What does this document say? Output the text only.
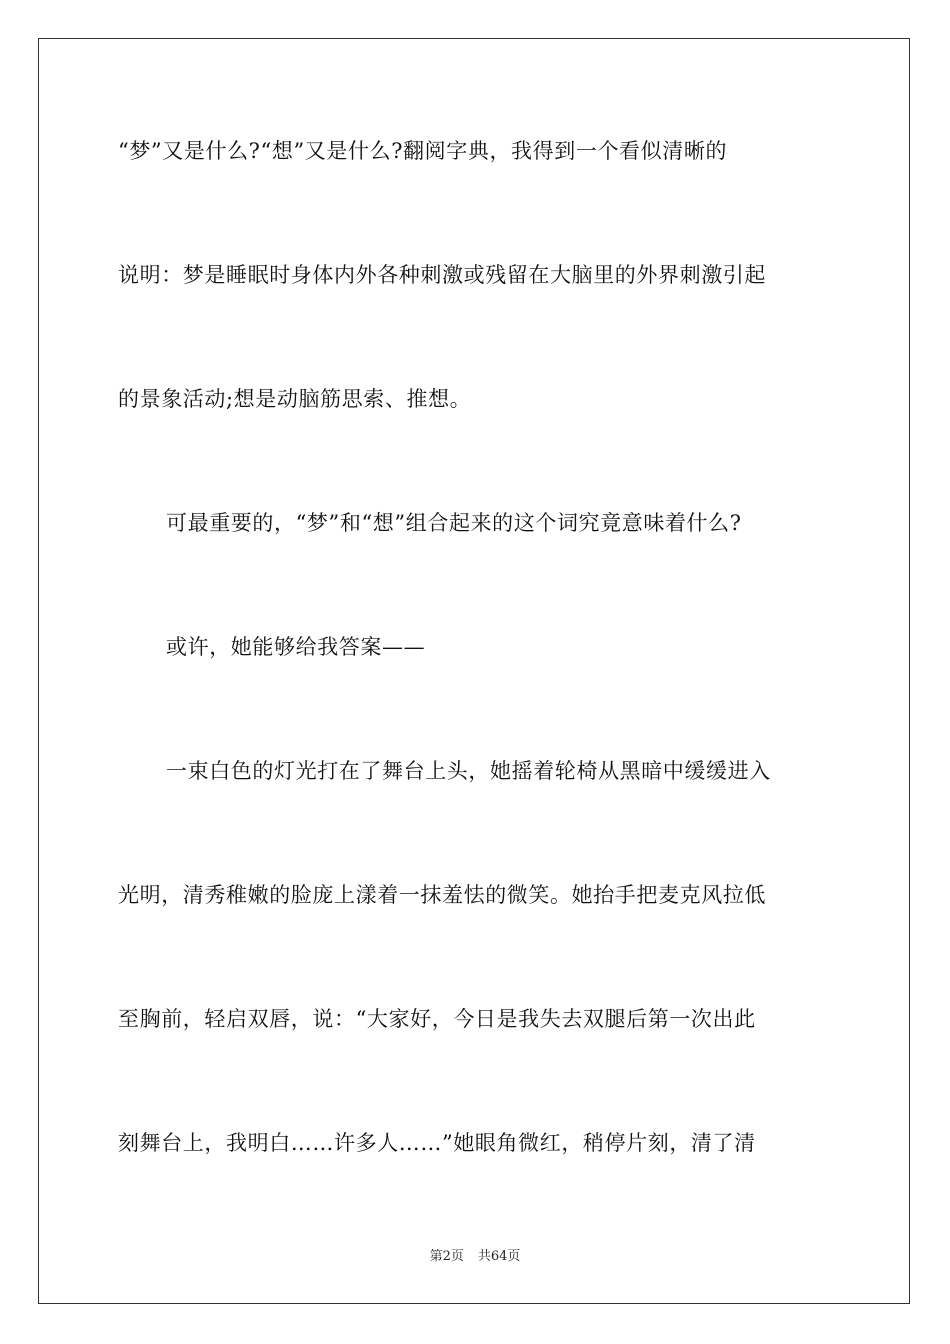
“梦”又是什么?“想”又是什么?翻阅字典，我得到一个看似清晰的
说明：梦是睡眠时身体内外各种刺激或残留在大脑里的外界刺激引起
的景象活动;想是动脑筋思索、推想。
可最重要的，“梦”和“想”组合起来的这个词究竟意味着什么?
或许，她能够给我答案——
一束白色的灯光打在了舞台上头，她摇着轮椅从黑暗中缓缓进入
光明，清秀稚嫩的脸庞上漾着一抹羞怯的微笑。她抬手把麦克风拉低
至胸前，轻启双唇，说：“大家好，今日是我失去双腿后第一次出此
刻舞台上，我明白……许多人……”她眼角微红，稍停片刻，清了清
第2页 共64页
